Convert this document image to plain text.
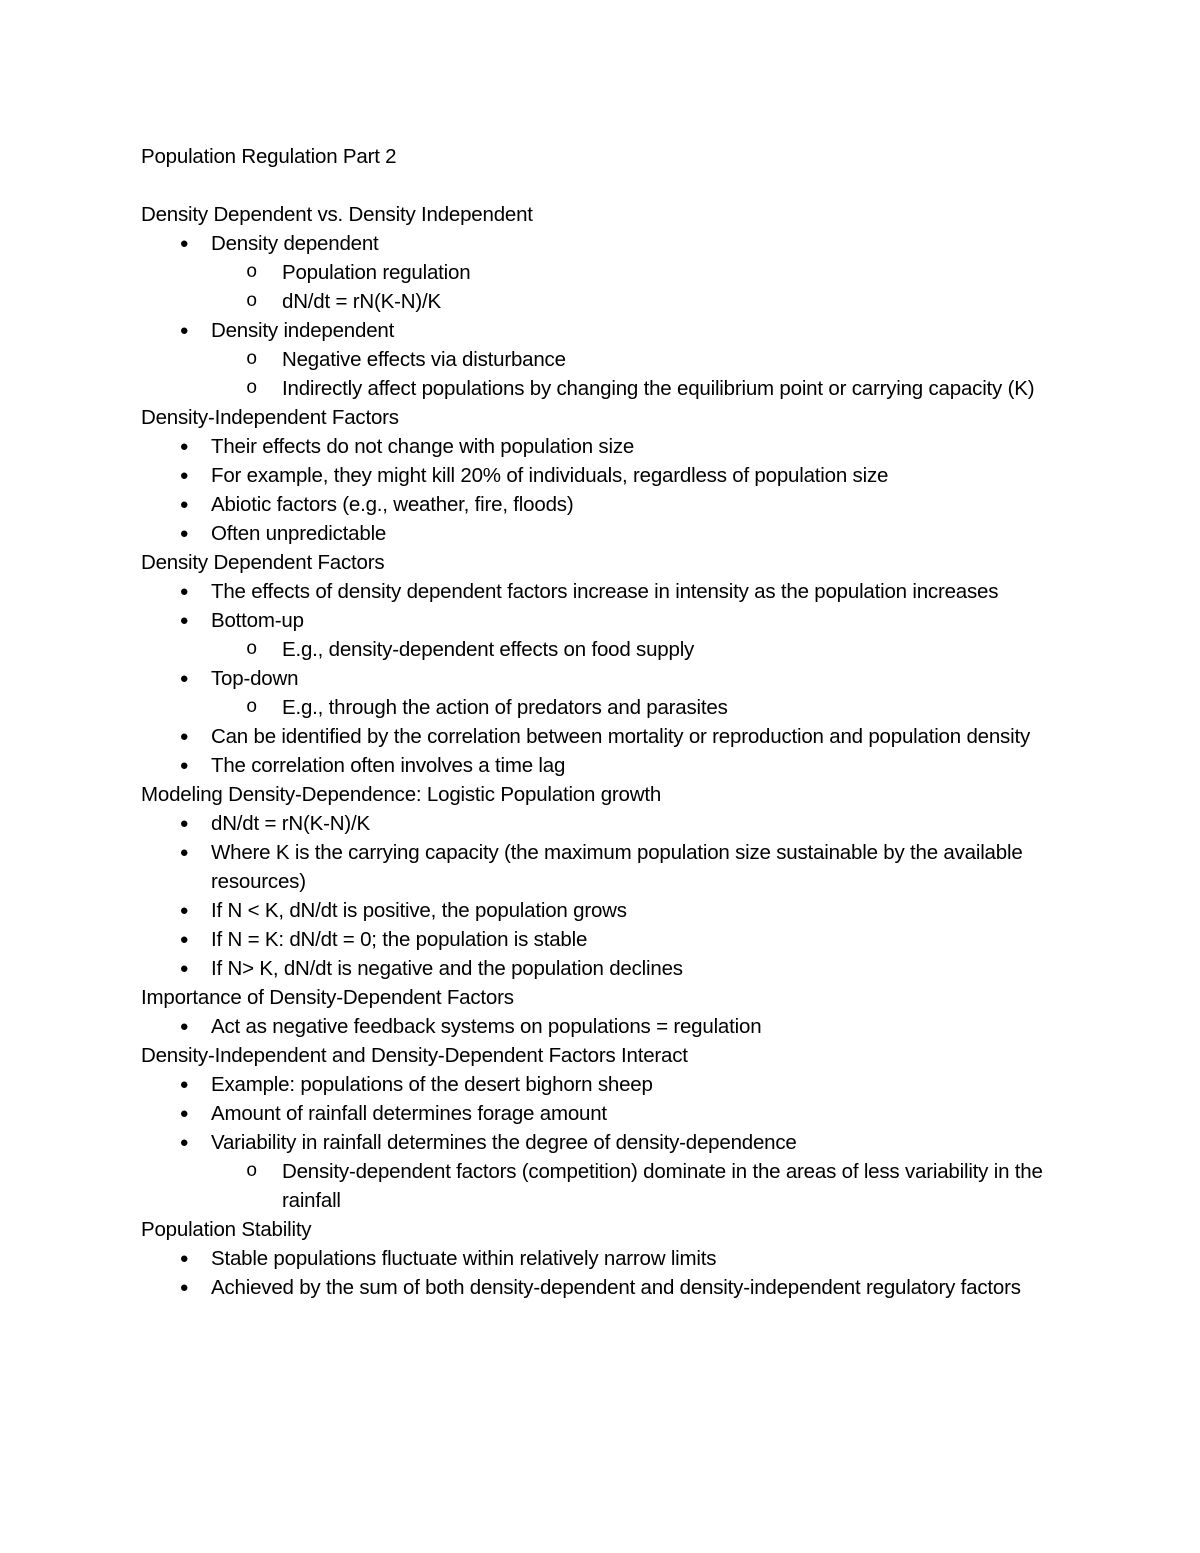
Population Regulation Part 2

Density Dependent vs. Density Independent

● Density dependent
o Population regulation
o dN/dt = rN(K-N)/K
● Density independent
o Negative effects via disturbance
o Indirectly affect populations by changing the equilibrium point or carrying capacity (K)

Density-Independent Factors

● Their effects do not change with population size
● For example, they might kill 20% of individuals, regardless of population size
● Abiotic factors (e.g., weather, fire, floods)
● Often unpredictable

Density Dependent Factors

● The effects of density dependent factors increase in intensity as the population increases
● Bottom-up
o E.g., density-dependent effects on food supply
● Top-down
o E.g., through the action of predators and parasites
● Can be identified by the correlation between mortality or reproduction and population density
● The correlation often involves a time lag

Modeling Density-Dependence: Logistic Population growth

● dN/dt = rN(K-N)/K
● Where K is the carrying capacity (the maximum population size sustainable by the available resources)
● If N < K, dN/dt is positive, the population grows
● If N = K: dN/dt = 0; the population is stable
● If N> K, dN/dt is negative and the population declines

Importance of Density-Dependent Factors

● Act as negative feedback systems on populations = regulation

Density-Independent and Density-Dependent Factors Interact

● Example: populations of the desert bighorn sheep
● Amount of rainfall determines forage amount
● Variability in rainfall determines the degree of density-dependence
o Density-dependent factors (competition) dominate in the areas of less variability in the rainfall

Population Stability

● Stable populations fluctuate within relatively narrow limits
● Achieved by the sum of both density-dependent and density-independent regulatory factors
